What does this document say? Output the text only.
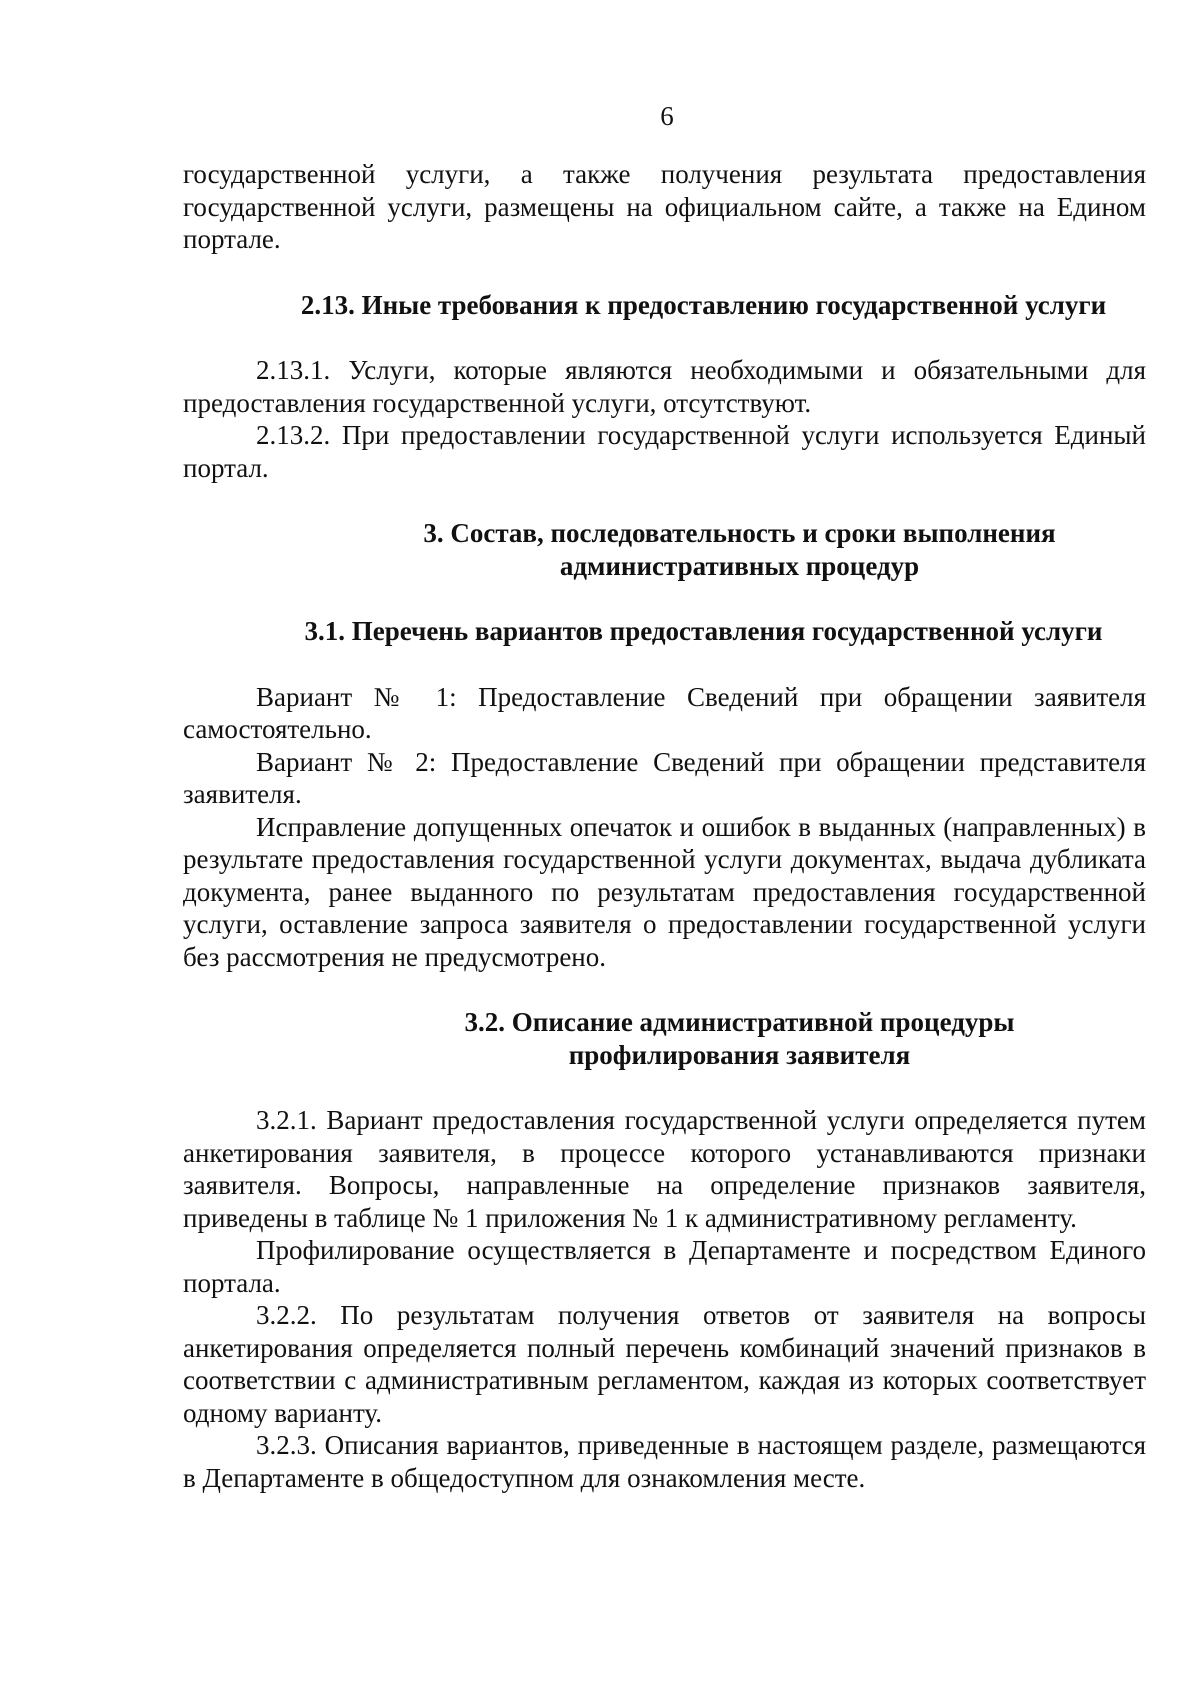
6

государственной услуги, а также получения результата предоставления государственной услуги, размещены на официальном сайте, а также на Едином портале.

2.13. Иные требования к предоставлению государственной услуги

2.13.1. Услуги, которые являются необходимыми и обязательными для предоставления государственной услуги, отсутствуют.

2.13.2. При предоставлении государственной услуги используется Единый портал.

3. Состав, последовательность и сроки выполнения
административных процедур
3.1. Перечень вариантов предоставления государственной услуги

Вариант № 1: Предоставление Сведений при обращении заявителя самостоятельно.

Вариант № 2: Предоставление Сведений при обращении представителя заявителя.

Исправление допущенных опечаток и ошибок в выданных (направленных) в результате предоставления государственной услуги документах, выдача дубликата документа, ранее выданного по результатам предоставления государственной услуги, оставление запроса заявителя о предоставлении государственной услуги без рассмотрения не предусмотрено.

3.2. Описание административной процедуры
профилирования заявителя

3.2.1. Вариант предоставления государственной услуги определяется путем анкетирования заявителя, в процессе которого устанавливаются признаки заявителя. Вопросы, направленные на определение признаков заявителя, приведены в таблице № 1 приложения № 1 к административному регламенту.

Профилирование осуществляется в Департаменте и посредством Единого портала.

3.2.2. По результатам получения ответов от заявителя на вопросы анкетирования определяется полный перечень комбинаций значений признаков в соответствии с административным регламентом, каждая из которых соответствует одному варианту.

3.2.3. Описания вариантов, приведенные в настоящем разделе, размещаются в Департаменте в общедоступном для ознакомления месте.
